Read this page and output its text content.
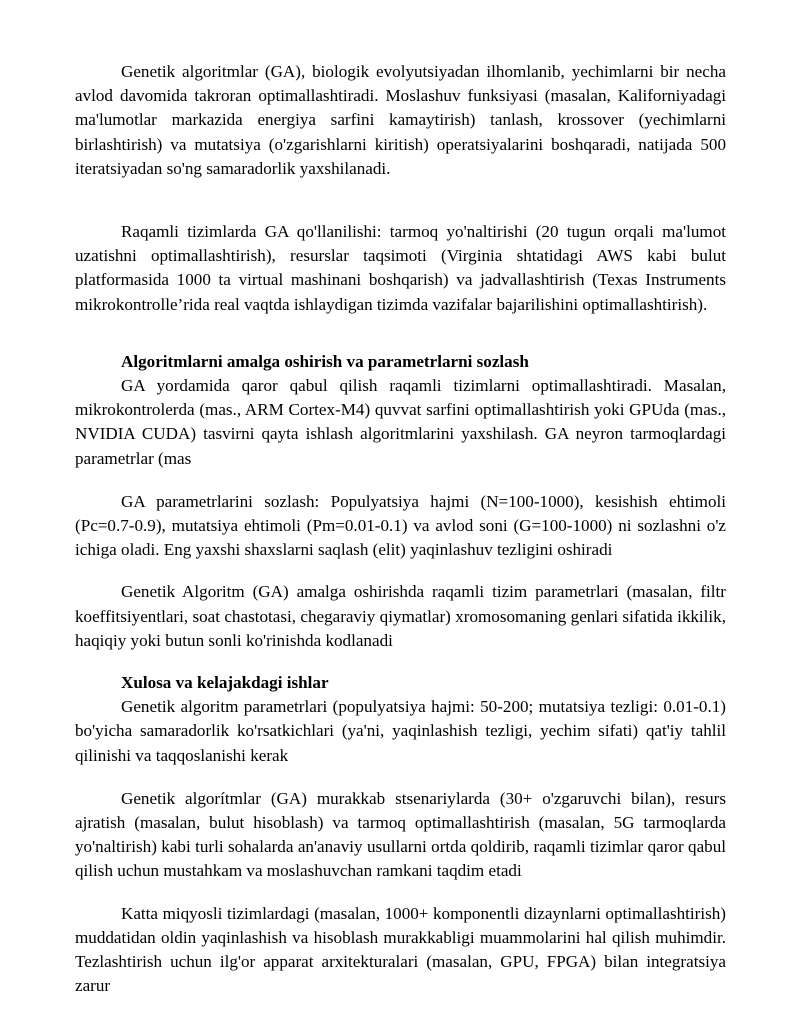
Genetik algoritmlar (GA), biologik evolyutsiyadan ilhomlanib, yechimlarni bir necha avlod davomida takroran optimallashtiradi. Moslashuv funksiyasi (masalan, Kaliforniyadagi ma'lumotlar markazida energiya sarfini kamaytirish) tanlash, krossover (yechimlarni birlashtirish) va mutatsiya (o'zgarishlarni kiritish) operatsiyalarini boshqaradi, natijada 500 iteratsiyadan so'ng samaradorlik yaxshilanadi.

Raqamli tizimlarda GA qo'llanilishi: tarmoq yo'naltirishi (20 tugun orqali ma'lumot uzatishni optimallashtirish), resurslar taqsimoti (Virginia shtatidagi AWS kabi bulut platformasida 1000 ta virtual mashinani boshqarish) va jadvallashtirish (Texas Instruments mikrokontrolle’rida real vaqtda ishlaydigan tizimda vazifalar bajarilishini optimallashtirish).

Algoritmlarni amalga oshirish va parametrlarni sozlash

GA yordamida qaror qabul qilish raqamli tizimlarni optimallashtiradi. Masalan, mikrokontrolerda (mas., ARM Cortex-M4) quvvat sarfini optimallashtirish yoki GPUda (mas., NVIDIA CUDA) tasvirni qayta ishlash algoritmlarini yaxshilash. GA neyron tarmoqlardagi parametrlar (mas

GA parametrlarini sozlash: Populyatsiya hajmi (N=100-1000), kesishish ehtimoli (Pc=0.7-0.9), mutatsiya ehtimoli (Pm=0.01-0.1) va avlod soni (G=100-1000) ni sozlashni o'z ichiga oladi. Eng yaxshi shaxslarni saqlash (elit) yaqinlashuv tezligini oshiradi

Genetik Algoritm (GA) amalga oshirishda raqamli tizim parametrlari (masalan, filtr koeffitsiyentlari, soat chastotasi, chegaraviy qiymatlar) xromosomaning genlari sifatida ikkilik, haqiqiy yoki butun sonli ko'rinishda kodlanadi

Xulosa va kelajakdagi ishlar

Genetik algoritm parametrlari (populyatsiya hajmi: 50-200; mutatsiya tezligi: 0.01-0.1) bo'yicha samaradorlik ko'rsatkichlari (ya'ni, yaqinlashish tezligi, yechim sifati) qat'iy tahlil qilinishi va taqqoslanishi kerak

Genetik algorítmlar (GA) murakkab stsenariylarda (30+ o'zgaruvchi bilan), resurs ajratish (masalan, bulut hisoblash) va tarmoq optimallashtirish (masalan, 5G tarmoqlarda yo'naltirish) kabi turli sohalarda an'anaviy usullarni ortda qoldirib, raqamli tizimlar qaror qabul qilish uchun mustahkam va moslashuvchan ramkani taqdim etadi

Katta miqyosli tizimlardagi (masalan, 1000+ komponentli dizaynlarni optimallashtirish) muddatidan oldin yaqinlashish va hisoblash murakkabligi muammolarini hal qilish muhimdir. Tezlashtirish uchun ilg'or apparat arxitekturalari (masalan, GPU, FPGA) bilan integratsiya zarur
